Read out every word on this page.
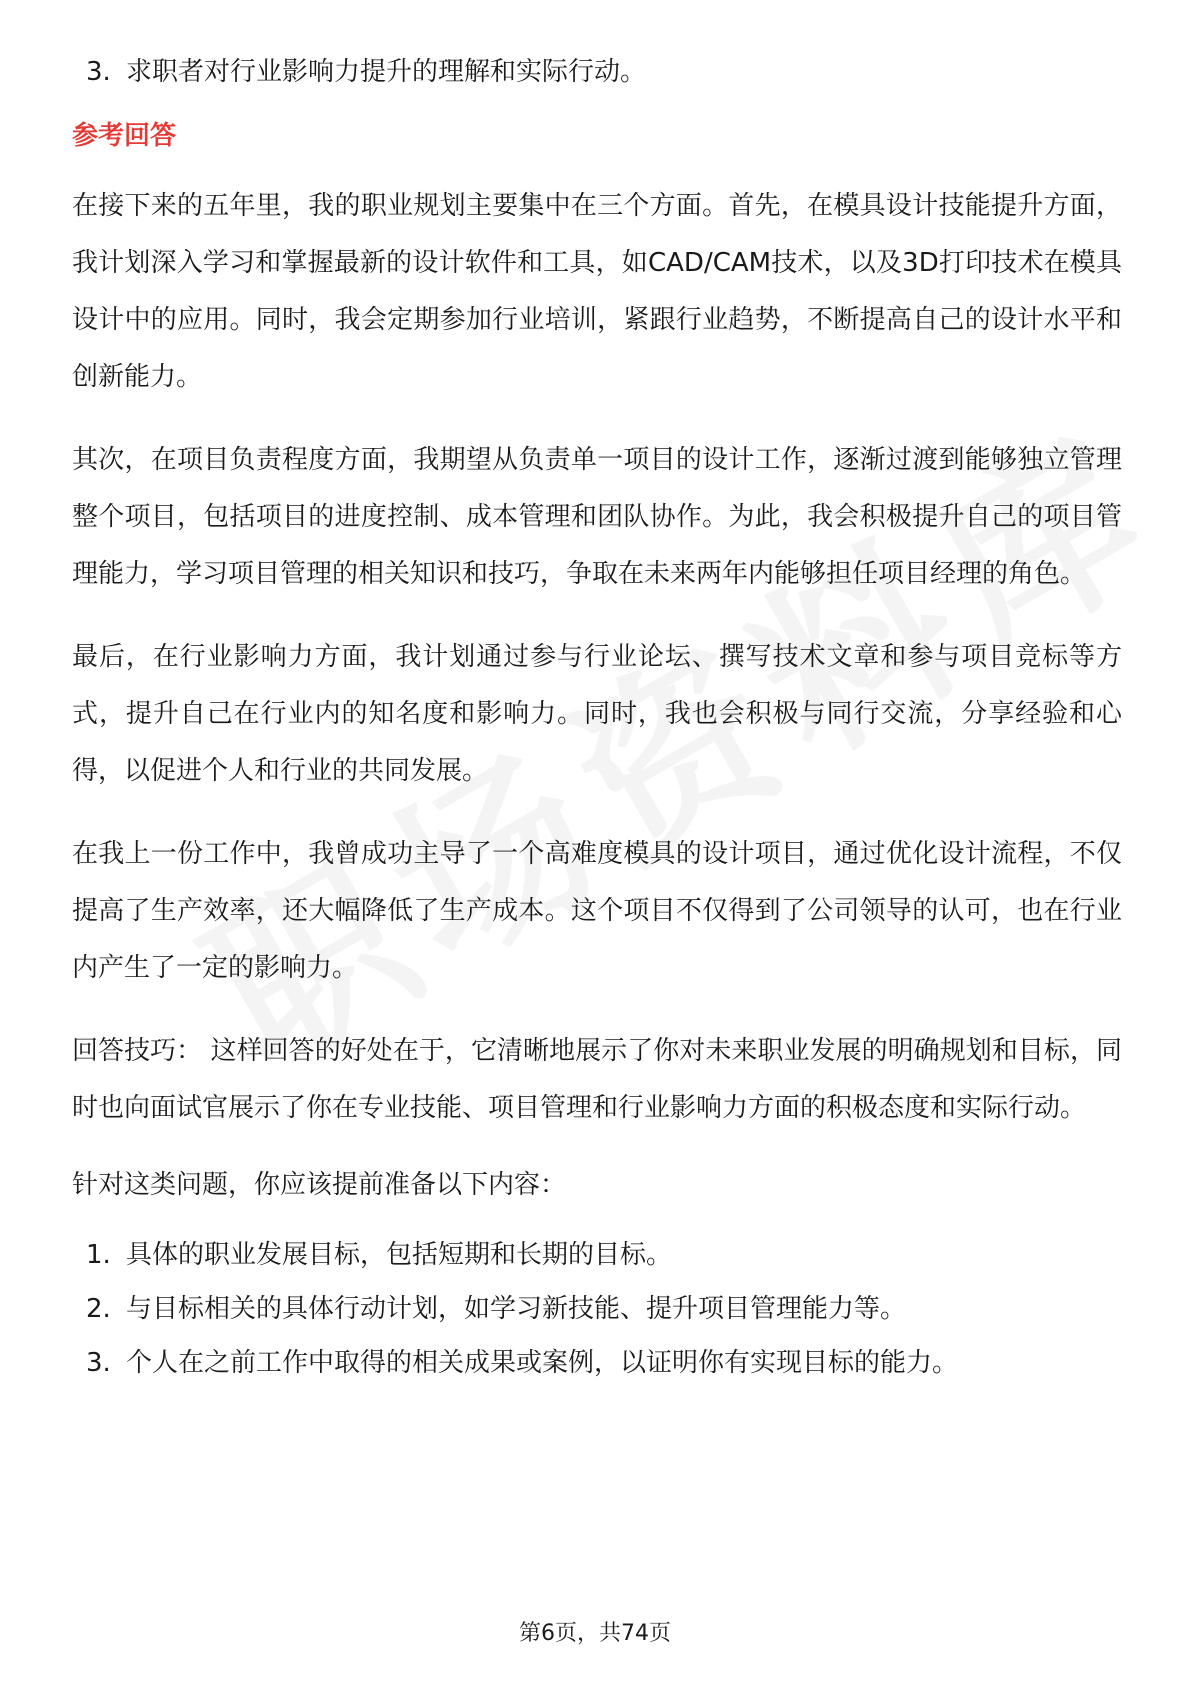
3. 求职者对行业影响力提升的理解和实际行动。
参考回答

在接下来的五年里，我的职业规划主要集中在三个方面。首先，在模具设计技能提升方面，我计划深入学习和掌握最新的设计软件和工具，如CAD/CAM技术，以及3D打印技术在模具设计中的应用。同时，我会定期参加行业培训，紧跟行业趋势，不断提高自己的设计水平和创新能力。

其次，在项目负责程度方面，我期望从负责单一项目的设计工作，逐渐过渡到能够独立管理整个项目，包括项目的进度控制、成本管理和团队协作。为此，我会积极提升自己的项目管理能力，学习项目管理的相关知识和技巧，争取在未来两年内能够担任项目经理的角色。

最后，在行业影响力方面，我计划通过参与行业论坛、撰写技术文章和参与项目竞标等方式，提升自己在行业内的知名度和影响力。同时，我也会积极与同行交流，分享经验和心得，以促进个人和行业的共同发展。

在我上一份工作中，我曾成功主导了一个高难度模具的设计项目，通过优化设计流程，不仅提高了生产效率，还大幅降低了生产成本。这个项目不仅得到了公司领导的认可，也在行业内产生了一定的影响力。

回答技巧： 这样回答的好处在于，它清晰地展示了你对未来职业发展的明确规划和目标，同时也向面试官展示了你在专业技能、项目管理和行业影响力方面的积极态度和实际行动。

针对这类问题，你应该提前准备以下内容：

1. 具体的职业发展目标，包括短期和长期的目标。
2. 与目标相关的具体行动计划，如学习新技能、提升项目管理能力等。
3. 个人在之前工作中取得的相关成果或案例，以证明你有实现目标的能力。
第6页，共74页
